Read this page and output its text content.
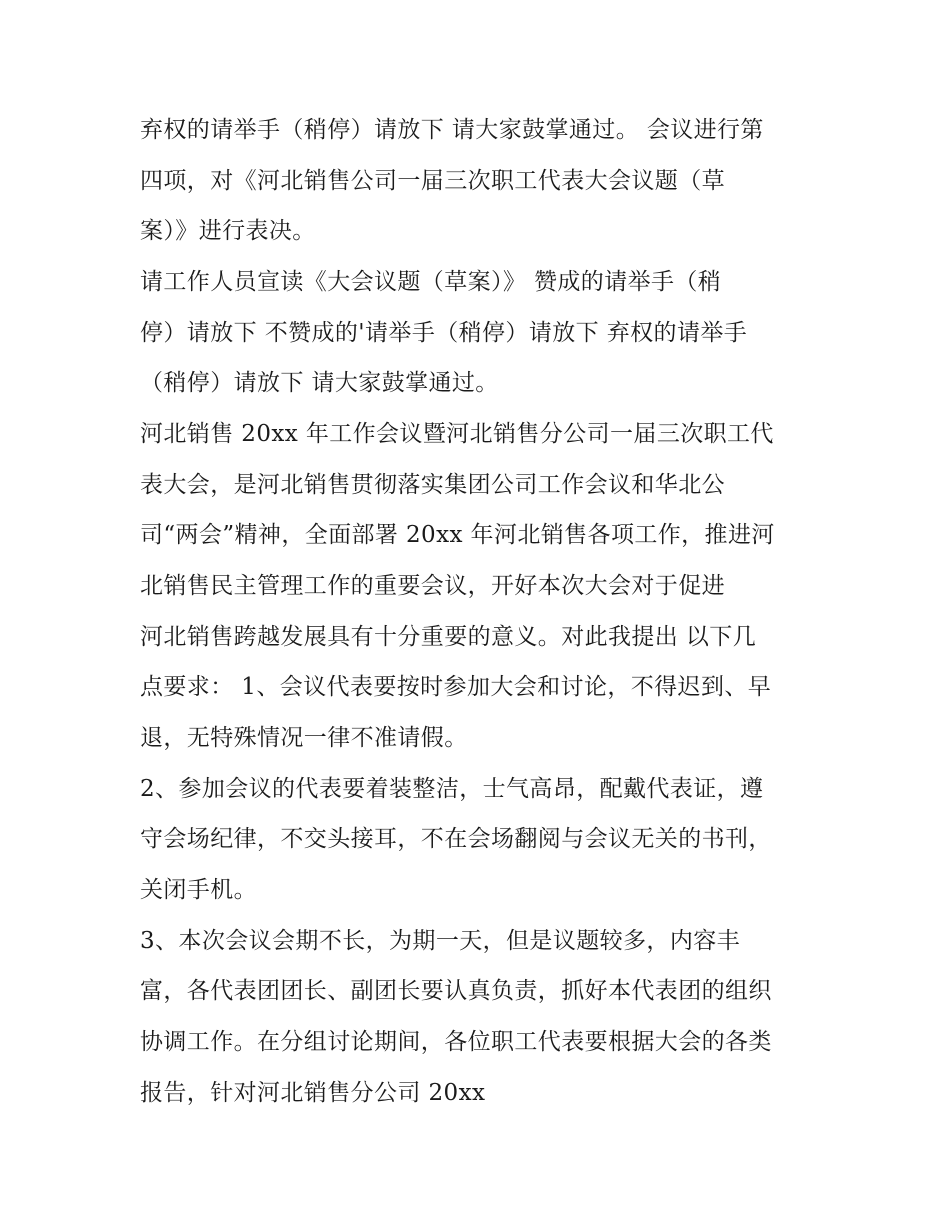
弃权的请举手（稍停）请放下 请大家鼓掌通过。 会议进行第

四项，对《河北销售公司一届三次职工代表大会议题（草

案）》进行表决。

请工作人员宣读《大会议题（草案）》 赞成的请举手（稍

停）请放下 不赞成的'请举手（稍停）请放下 弃权的请举手

（稍停）请放下 请大家鼓掌通过。

河北销售 20xx 年工作会议暨河北销售分公司一届三次职工代

表大会，是河北销售贯彻落实集团公司工作会议和华北公

司“两会”精神，全面部署 20xx 年河北销售各项工作，推进河

北销售民主管理工作的重要会议，开好本次大会对于促进

河北销售跨越发展具有十分重要的意义。对此我提出 以下几

点要求： 1、会议代表要按时参加大会和讨论，不得迟到、早

退，无特殊情况一律不准请假。

2、参加会议的代表要着装整洁，士气高昂，配戴代表证，遵

守会场纪律，不交头接耳，不在会场翻阅与会议无关的书刊，

关闭手机。

3、本次会议会期不长，为期一天，但是议题较多，内容丰

富，各代表团团长、副团长要认真负责，抓好本代表团的组织

协调工作。在分组讨论期间，各位职工代表要根据大会的各类

报告，针对河北销售分公司 20xx
